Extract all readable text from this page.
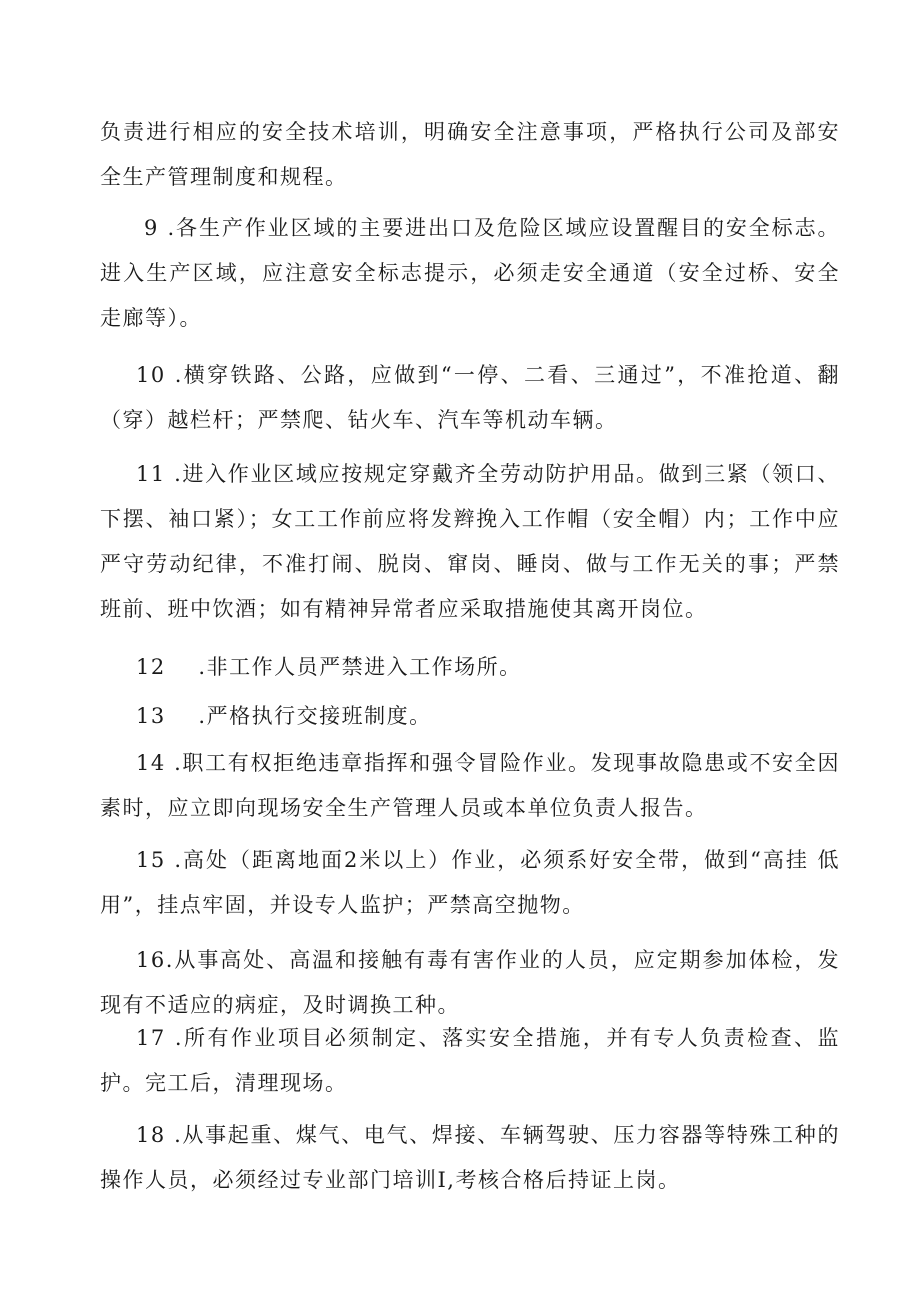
负责进行相应的安全技术培训，明确安全注意事项，严格执行公司及部安全生产管理制度和规程。

9 .各生产作业区域的主要进出口及危险区域应设置醒目的安全标志。进入生产区域，应注意安全标志提示，必须走安全通道（安全过桥、安全走廊等）。

10 .横穿铁路、公路，应做到“一停、二看、三通过”，不准抢道、翻（穿）越栏杆；严禁爬、钻火车、汽车等机动车辆。

11 .进入作业区域应按规定穿戴齐全劳动防护用品。做到三紧（领口、下摆、袖口紧）；女工工作前应将发辫挽入工作帽（安全帽）内；工作中应严守劳动纪律，不准打闹、脱岗、窜岗、睡岗、做与工作无关的事；严禁班前、班中饮酒；如有精神异常者应采取措施使其离开岗位。

12    .非工作人员严禁进入工作场所。

13    .严格执行交接班制度。

14 .职工有权拒绝违章指挥和强令冒险作业。发现事故隐患或不安全因素时，应立即向现场安全生产管理人员或本单位负责人报告。

15 .高处（距离地面2米以上）作业，必须系好安全带，做到“高挂 低用”，挂点牢固，并设专人监护；严禁高空抛物。

16.从事高处、高温和接触有毒有害作业的人员，应定期参加体检，发现有不适应的病症，及时调换工种。

17 .所有作业项目必须制定、落实安全措施，并有专人负责检查、监护。完工后，清理现场。

18 .从事起重、煤气、电气、焊接、车辆驾驶、压力容器等特殊工种的操作人员，必须经过专业部门培训I,考核合格后持证上岗。
